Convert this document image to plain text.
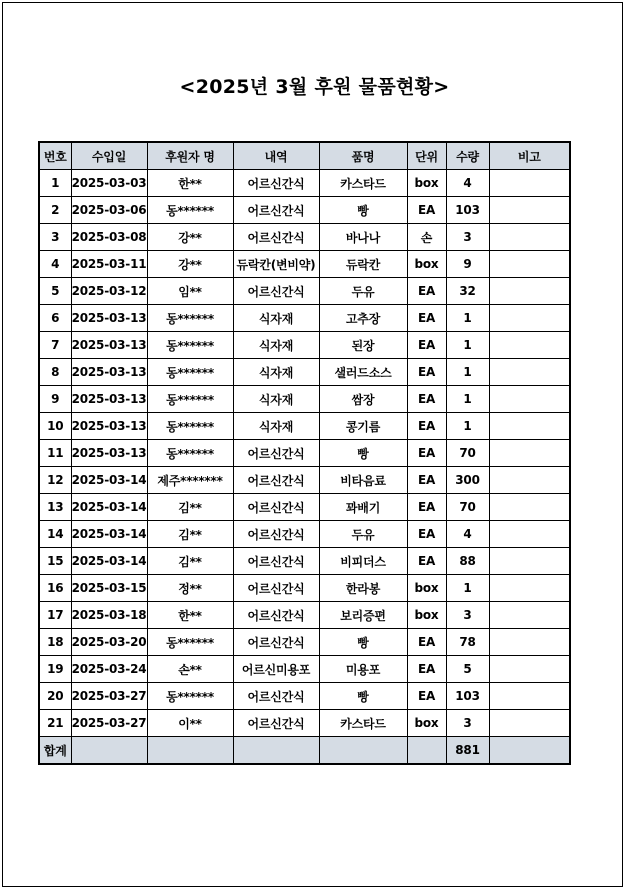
<2025년 3월 후원 물품현황>
번호	수입일	후원자 명	내역	품명	단위	수량	비고
1	2025-03-03	한**	어르신간식	카스타드	box	4	
2	2025-03-06	동******	어르신간식	빵	EA	103	
3	2025-03-08	강**	어르신간식	바나나	손	3	
4	2025-03-11	강**	듀락칸(변비약)	듀락칸	box	9	
5	2025-03-12	임**	어르신간식	두유	EA	32	
6	2025-03-13	동******	식자재	고추장	EA	1	
7	2025-03-13	동******	식자재	된장	EA	1	
8	2025-03-13	동******	식자재	샐러드소스	EA	1	
9	2025-03-13	동******	식자재	쌈장	EA	1	
10	2025-03-13	동******	식자재	콩기름	EA	1	
11	2025-03-13	동******	어르신간식	빵	EA	70	
12	2025-03-14	제주*******	어르신간식	비타음료	EA	300	
13	2025-03-14	김**	어르신간식	꽈배기	EA	70	
14	2025-03-14	김**	어르신간식	두유	EA	4	
15	2025-03-14	김**	어르신간식	비피더스	EA	88	
16	2025-03-15	정**	어르신간식	한라봉	box	1	
17	2025-03-18	한**	어르신간식	보리증편	box	3	
18	2025-03-20	동******	어르신간식	빵	EA	78	
19	2025-03-24	손**	어르신미용포	미용포	EA	5	
20	2025-03-27	동******	어르신간식	빵	EA	103	
21	2025-03-27	이**	어르신간식	카스타드	box	3	
합계						881	
